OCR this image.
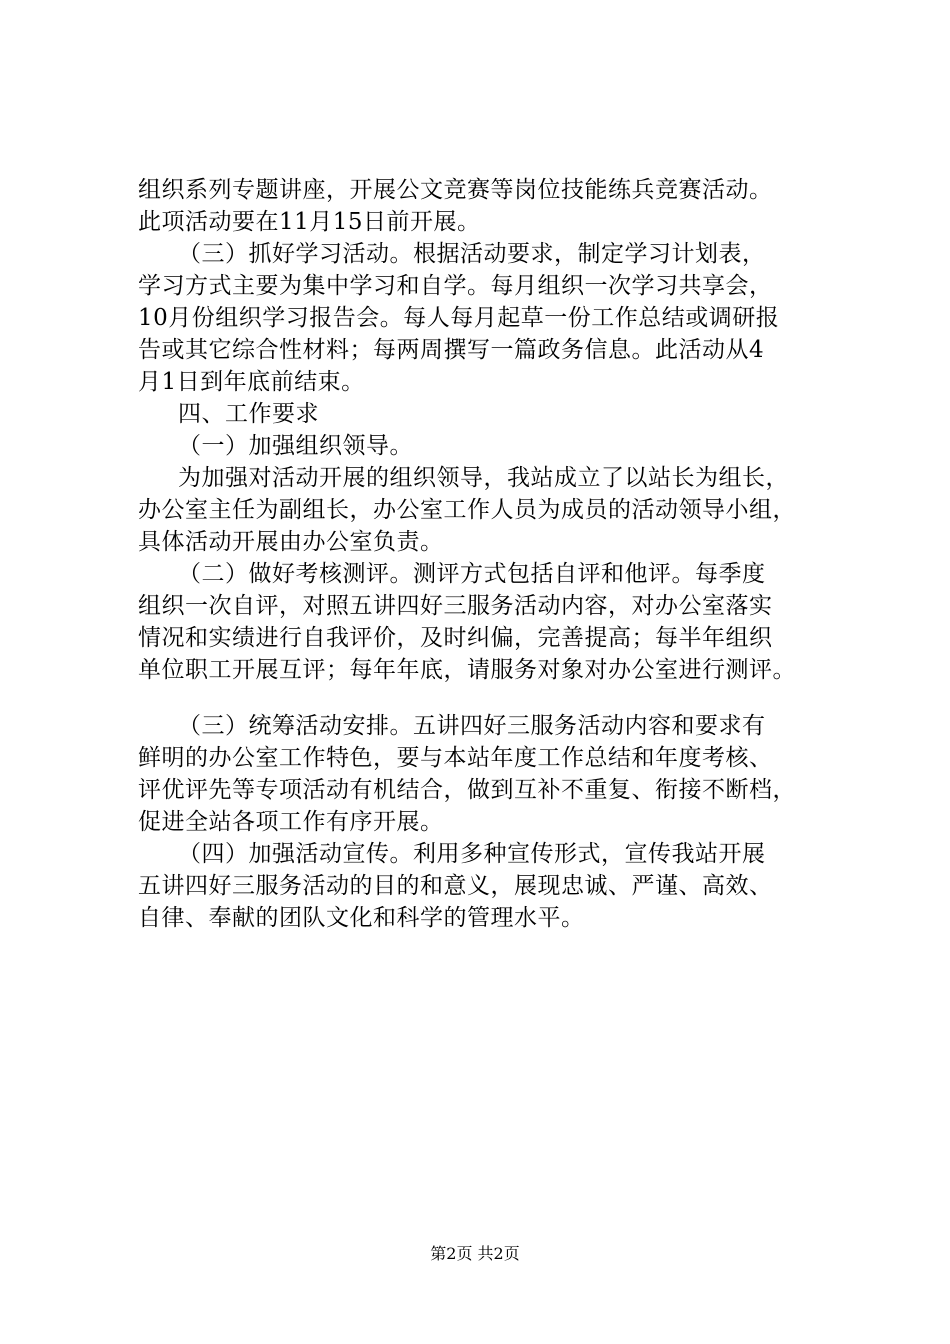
组织系列专题讲座，开展公文竞赛等岗位技能练兵竞赛活动。
此项活动要在11月15日前开展。
（三）抓好学习活动。根据活动要求，制定学习计划表，
学习方式主要为集中学习和自学。每月组织一次学习共享会，
10月份组织学习报告会。每人每月起草一份工作总结或调研报
告或其它综合性材料；每两周撰写一篇政务信息。此活动从4
月1日到年底前结束。
四、工作要求
（一）加强组织领导。
为加强对活动开展的组织领导，我站成立了以站长为组长，
办公室主任为副组长，办公室工作人员为成员的活动领导小组，
具体活动开展由办公室负责。
（二）做好考核测评。测评方式包括自评和他评。每季度
组织一次自评，对照五讲四好三服务活动内容，对办公室落实
情况和实绩进行自我评价，及时纠偏，完善提高；每半年组织
单位职工开展互评；每年年底，请服务对象对办公室进行测评。
（三）统筹活动安排。五讲四好三服务活动内容和要求有
鲜明的办公室工作特色，要与本站年度工作总结和年度考核、
评优评先等专项活动有机结合，做到互补不重复、衔接不断档，
促进全站各项工作有序开展。
（四）加强活动宣传。利用多种宣传形式，宣传我站开展
五讲四好三服务活动的目的和意义，展现忠诚、严谨、高效、
自律、奉献的团队文化和科学的管理水平。
第2页 共2页
